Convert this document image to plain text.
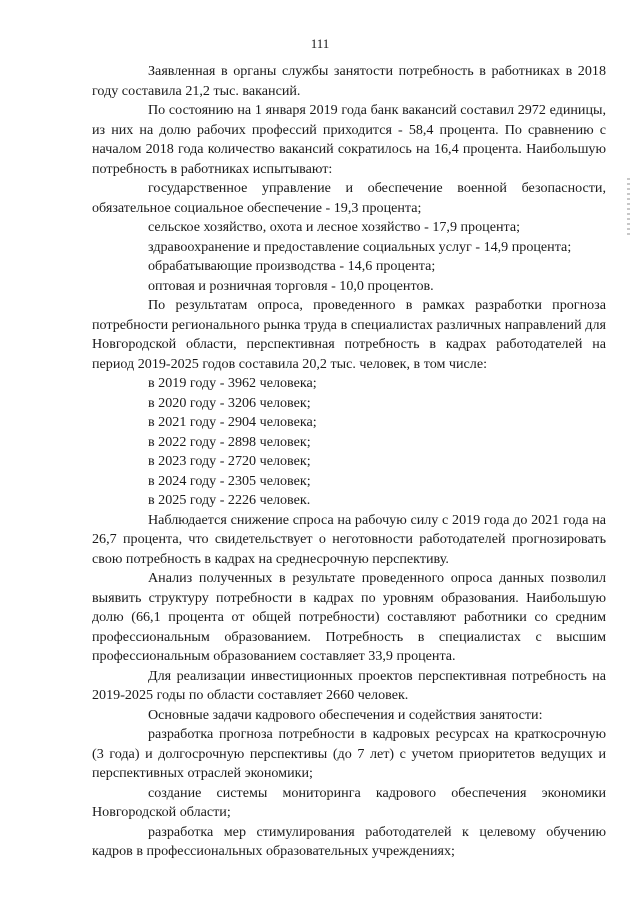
111

Заявленная в органы службы занятости потребность в работниках в 2018 году составила 21,2 тыс. вакансий.

По состоянию на 1 января 2019 года банк вакансий составил 2972 единицы, из них на долю рабочих профессий приходится - 58,4 процента. По сравнению с началом 2018 года количество вакансий сократилось на 16,4 процента. Наибольшую потребность в работниках испытывают:

государственное управление и обеспечение военной безопасности, обязательное социальное обеспечение - 19,3 процента;

сельское хозяйство, охота и лесное хозяйство - 17,9 процента;

здравоохранение и предоставление социальных услуг - 14,9 процента;

обрабатывающие производства - 14,6 процента;

оптовая и розничная торговля - 10,0 процентов.

По результатам опроса, проведенного в рамках разработки прогноза потребности регионального рынка труда в специалистах различных направлений для Новгородской области, перспективная потребность в кадрах работодателей на период 2019-2025 годов составила 20,2 тыс. человек, в том числе:

в 2019 году - 3962 человека;

в 2020 году - 3206 человек;

в 2021 году - 2904 человека;

в 2022 году - 2898 человек;

в 2023 году - 2720 человек;

в 2024 году - 2305 человек;

в 2025 году - 2226 человек.

Наблюдается снижение спроса на рабочую силу с 2019 года до 2021 года на 26,7 процента, что свидетельствует о неготовности работодателей прогнозировать свою потребность в кадрах на среднесрочную перспективу.

Анализ полученных в результате проведенного опроса данных позволил выявить структуру потребности в кадрах по уровням образования. Наибольшую долю (66,1 процента от общей потребности) составляют работники со средним профессиональным образованием. Потребность в специалистах с высшим профессиональным образованием составляет 33,9 процента.

Для реализации инвестиционных проектов перспективная потребность на 2019-2025 годы по области составляет 2660 человек.

Основные задачи кадрового обеспечения и содействия занятости:

разработка прогноза потребности в кадровых ресурсах на краткосрочную (3 года) и долгосрочную перспективы (до 7 лет) с учетом приоритетов ведущих и перспективных отраслей экономики;

создание системы мониторинга кадрового обеспечения экономики Новгородской области;

разработка мер стимулирования работодателей к целевому обучению кадров в профессиональных образовательных учреждениях;
